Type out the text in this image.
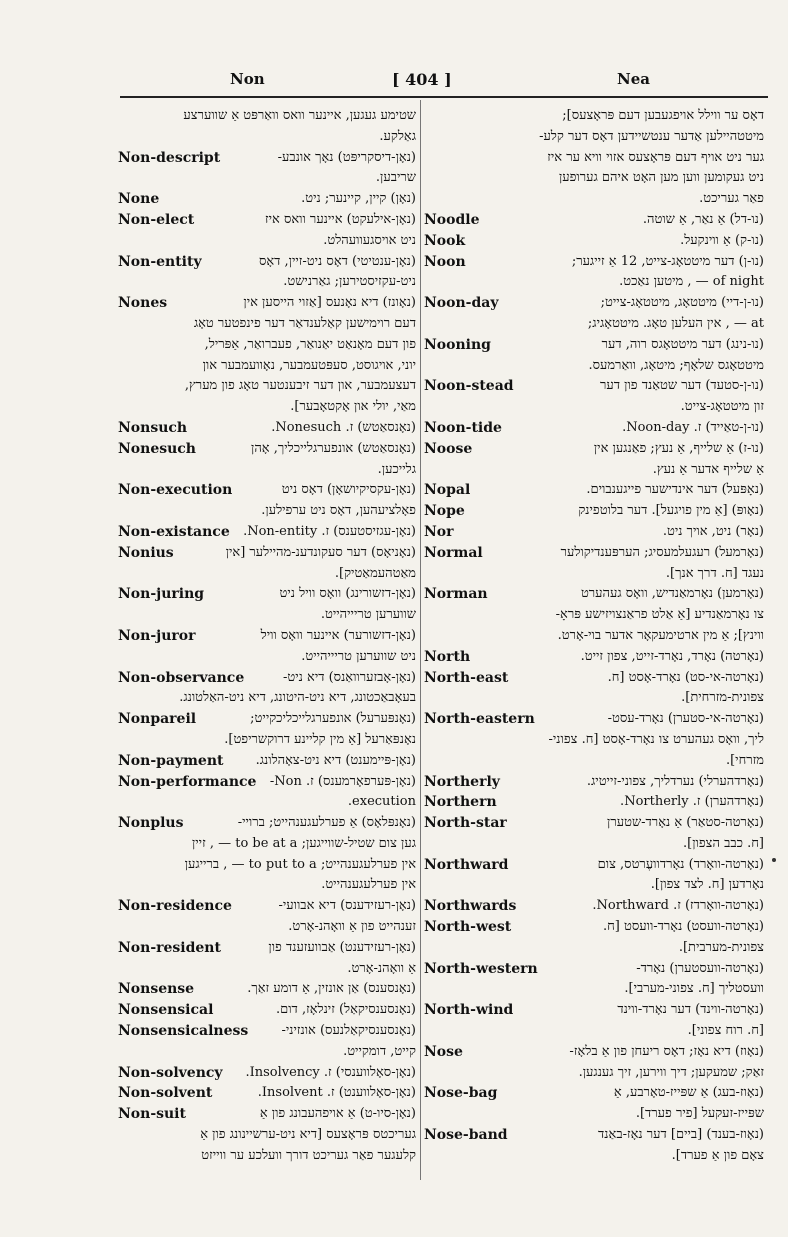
Non	[ 404 ]	Nea
שטימע געגען, איינער וואס וואַרפּט אַ שווערצע
גאַלקע.
Non-descript	(נאָן-דיסקריפּט) נאָך אונבע-
שריבען.
None	(נאָן) קיין, קיינער; ניט.
Non-elect	(נאָן-אילעקט) איינער וואס איז
ניט אויסגעוועהלט.
Non-entity	(נאָן-ענטיטי) דאָס ניט-זיין, דאָס
ניט-עקזיסטירען; גאַרנישט.
Nones	(נאָונז) דיא נאָנעס [אַזוי הייסען אין
דעם רוימישען קאַלענדאַר דער פינפטער טאָג
פון דעם מאָנאַט יאַנואַר, פעברואַר, אַפּריל,
יוני, אויגוסט, סעפּטעמבער, נאָוועמבער און
דעצעמבער, און דער זיבענטער טאָג פון מערץ,
מאַי, יולי און אָקטאָבער].
Nonsuch	(נאָנסאַטש) ז. Nonesuch.
Nonesuch	(נאָנסאַטש) אונפערגלייכליך, אָהן
גלייכען.
Non-execution	(נאָן-עקסיקיושאָן) דאָס ניט
פאָלציעהען, דאָס ניט ערפילען.
Non-existance (נאָן-עגזיסטענס) ז. Non-entity.
Nonius	(נאָניאָס) דער סעקונדענ-מהיילער [אין
מאַטהעמאַטיק].
Non-juring	(נאָן-דזשורינג) וואָס וויל ניט
שווערען טריייהייט.
Non-juror	(נאָן-דזשורער) איינער וואָס וויל
ניט שווערען טריייהייט.
Non-observance	(נאָן-אָבזערוואַנס) דיא ניט-
בעאָבאַכטונג, דיא ניט-היטונג, דיא ניט-האַלטונג.
Nonpareil	(נאָנפּערעל) אונפערגלייכליכקייט;
נאָנפּאַרעל [אַ מין קליינע דרוקשריפט].
Non-payment (נאָן-פּיימענט) דיא ניט-צאָהלונג.
Non-performance (נאָן-פּערפאָרמענס) ז. Non-
execution.
Nonplus	(נאָנפּלאָס) אַ פערלעגענהייט; ברויי-
גען צום שטיל-שווייגען; to be at a — , זיין
אין פערלעגענהייט; to put to a — , ברייגען
אין פערלעגענהייט.
Non-residence	(נאָן-רעזידענס) דיא אבוועי-
זענהייט פון אַ וואָהנ-אָרט.
Non-resident	(נאָן-רעזידענט) אַבוועזענד פון
אַ וואָהנ-אָרט.
Nonsense	(נאָנסענס) אַן אונזין, אַ דומע זאַך.
Nonsensical	(נאָנסענסיקאַל) זינלאָז, דום.
Nonsensicalness	(נאָנסענסיקאַלנעס) אונזיני-
קייט, דומקייט.
Non-solvency (נאָן-סאָלווענסי) ז. Insolvency.
Non-solvent	(נאָן-סאָלווענט) ז. Insolvent.
Non-suit	(נאָן-סיו-ט) אַ אויפהעבונג פון אַ
געריכטס פּראָצעס [דיא ניט-ערשיינונג פון אַ
קלעגער פאַר געריכט דורך וועלכע ער ווייזט
דאָס ער ווילל אויפגעבען דעם פּראָצעס];
מיטטהיילען אַדער ענטשיידען דאָס דער קלע-
גער ניט אויף דעם פּראָצעס אזוי וויא ער איז
ניט געקומען ווען מען האָט איהם גערופען
פאַר געריכט.
Noodle	(נו-דל) אַ נאַר, אַ שוטה.
Nook	(נו-ק) אַ ווינקעל.
Noon	(נו-ן) דער מיטטאָג-צייט, 12 אַ זייגער;
of night — , מיטען נאַכט.
Noon-day	(נו-ן-דיי) מיטטאָג, מיטטאָג-צייט;
at — , אין העלען טאָג. מיטטאָגיג;
Nooning	(נו-נינג) דער מיטטאָגס רוה, דער
מיטטאָגס שלאָף; מיטאָג, וואַרמעס.
Noon-stead	(נו-ן-סטעד) דער שטאַנד פון דער
זון מיטטאָג-צייט.
Noon-tide	(נו-ן-טאַייד) ז. Noon-day.
Noose	(נו-ז) אַ שלייף, אַ נעץ; פאַנגען אין
אַ שלייף אדער אַ נעץ.
Nopal	(נאָפּעל) דער אינדישער פייגענבוים.
Nope	(נאָופּ) [אַ מין פויגעל]. דער בלוטפינק
Nor	(נאָר) ניט, אויך ניט.
Normal	(נאָרמעל) רעגעלמעסיג; הערפּענדיקולער
נעגד [ח. דרך אנך].
Norman	(נאָרמען) נאָרמאַנדיש, וואָס געהערט
צו נאָרמאַנדיע [אַ אַלט פראַנצויזישע פּראָ-
ווינץ]; אַ מין ארטימעקאָר אדער בוי-אָרט.
North	(נאָרטה) נאָרד, נאָרד-זייט, צפון זייט.
North-east	(נאָרטה-אי-סט) נאָרד-אָסט [ח.
צפונית-מזרחית].
North-eastern	(נאָרטה-אי-סטערן) נאָרד-עסט-
ליך, וואָס געהערט צו נאָרד-אָסט [ח. צפוני-
מזרחי].
Northerly	(נאָרדהערלי) נערדליך, צפוני-זייטיג.
Northern	(נאָרדהערן) ז. Northerly.
North-star	(נאָרטה-סטאַר) אַ נאָרד-שטערן
[ח. כבב הצפון].
Northward	(נאָרטה-וואָרד) נאָרדוועֶרטס, צום
נאָרדען [ח. לצד צפון].
Northwards	(נאָרטה-וואָרדז) ז. Northward.
North-west	(נאָרטה-וועסט) נאָרד-וועסט [ח.
צפונית-מערבית].
North-western	(נאָרטה-וועסטערן) נאָרד-
וועסטליך [ח. צפוני-מערבי].
North-wind	(נאָרטה-ווינד) דער נאָרד-ווינד
[ח. רוח צפוני].
Nose	(נאָוז) דיא נאָז; דאָס ריעחן פון אַ בלאָז-
זאַק; שמעקען; דיך ווירען, זיך גענגען.
Nose-bag	(נאָוז-בעג) אַ שפּייז-טאָרבע, אַ
שפּייז-זעקעל [פיר פערד].
Nose-band	(נאָוז-בענד) [ביים] דער נאָז-באַנד
צאָם פון אַ פערד].
